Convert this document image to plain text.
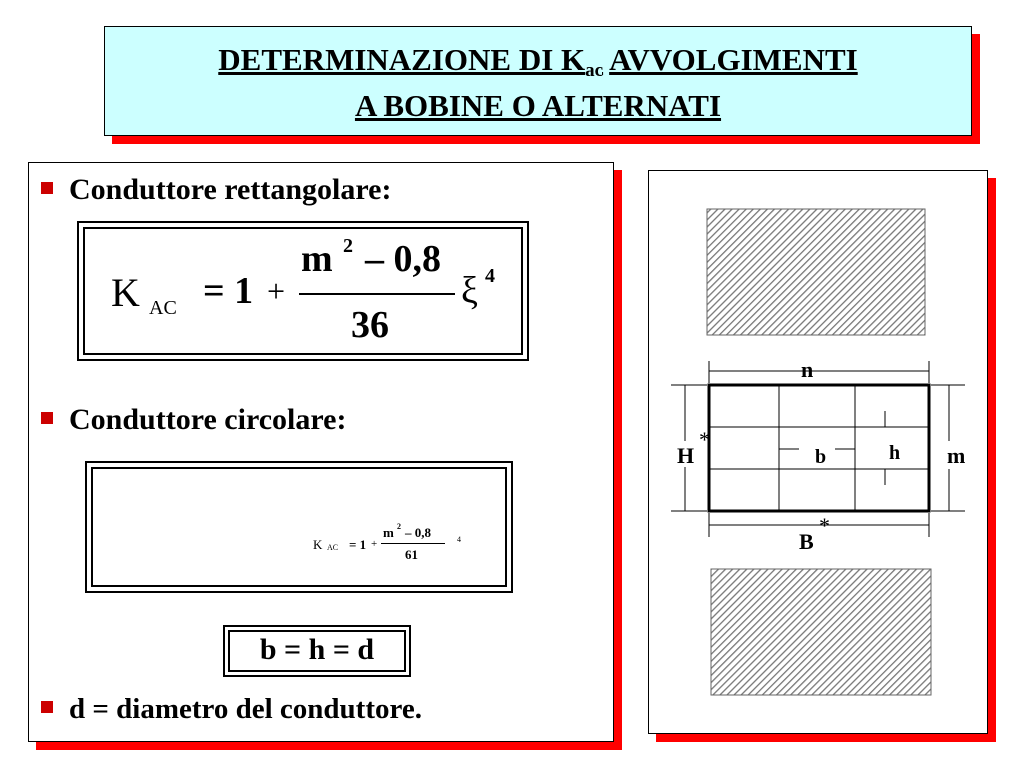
DETERMINAZIONE DI $K_{ac}$ AVVOLGIMENTI
A BOBINE O ALTERNATI
Conduttore rettangolare:
K AC = 1 +
m 2 – 0,8
36
ξ 4
Conduttore circolare:
K AC = 1 +
m 2 – 0,8
61
4
b = h = d
d = diametro del conduttore.
n
H
*
b	h m
B
*
